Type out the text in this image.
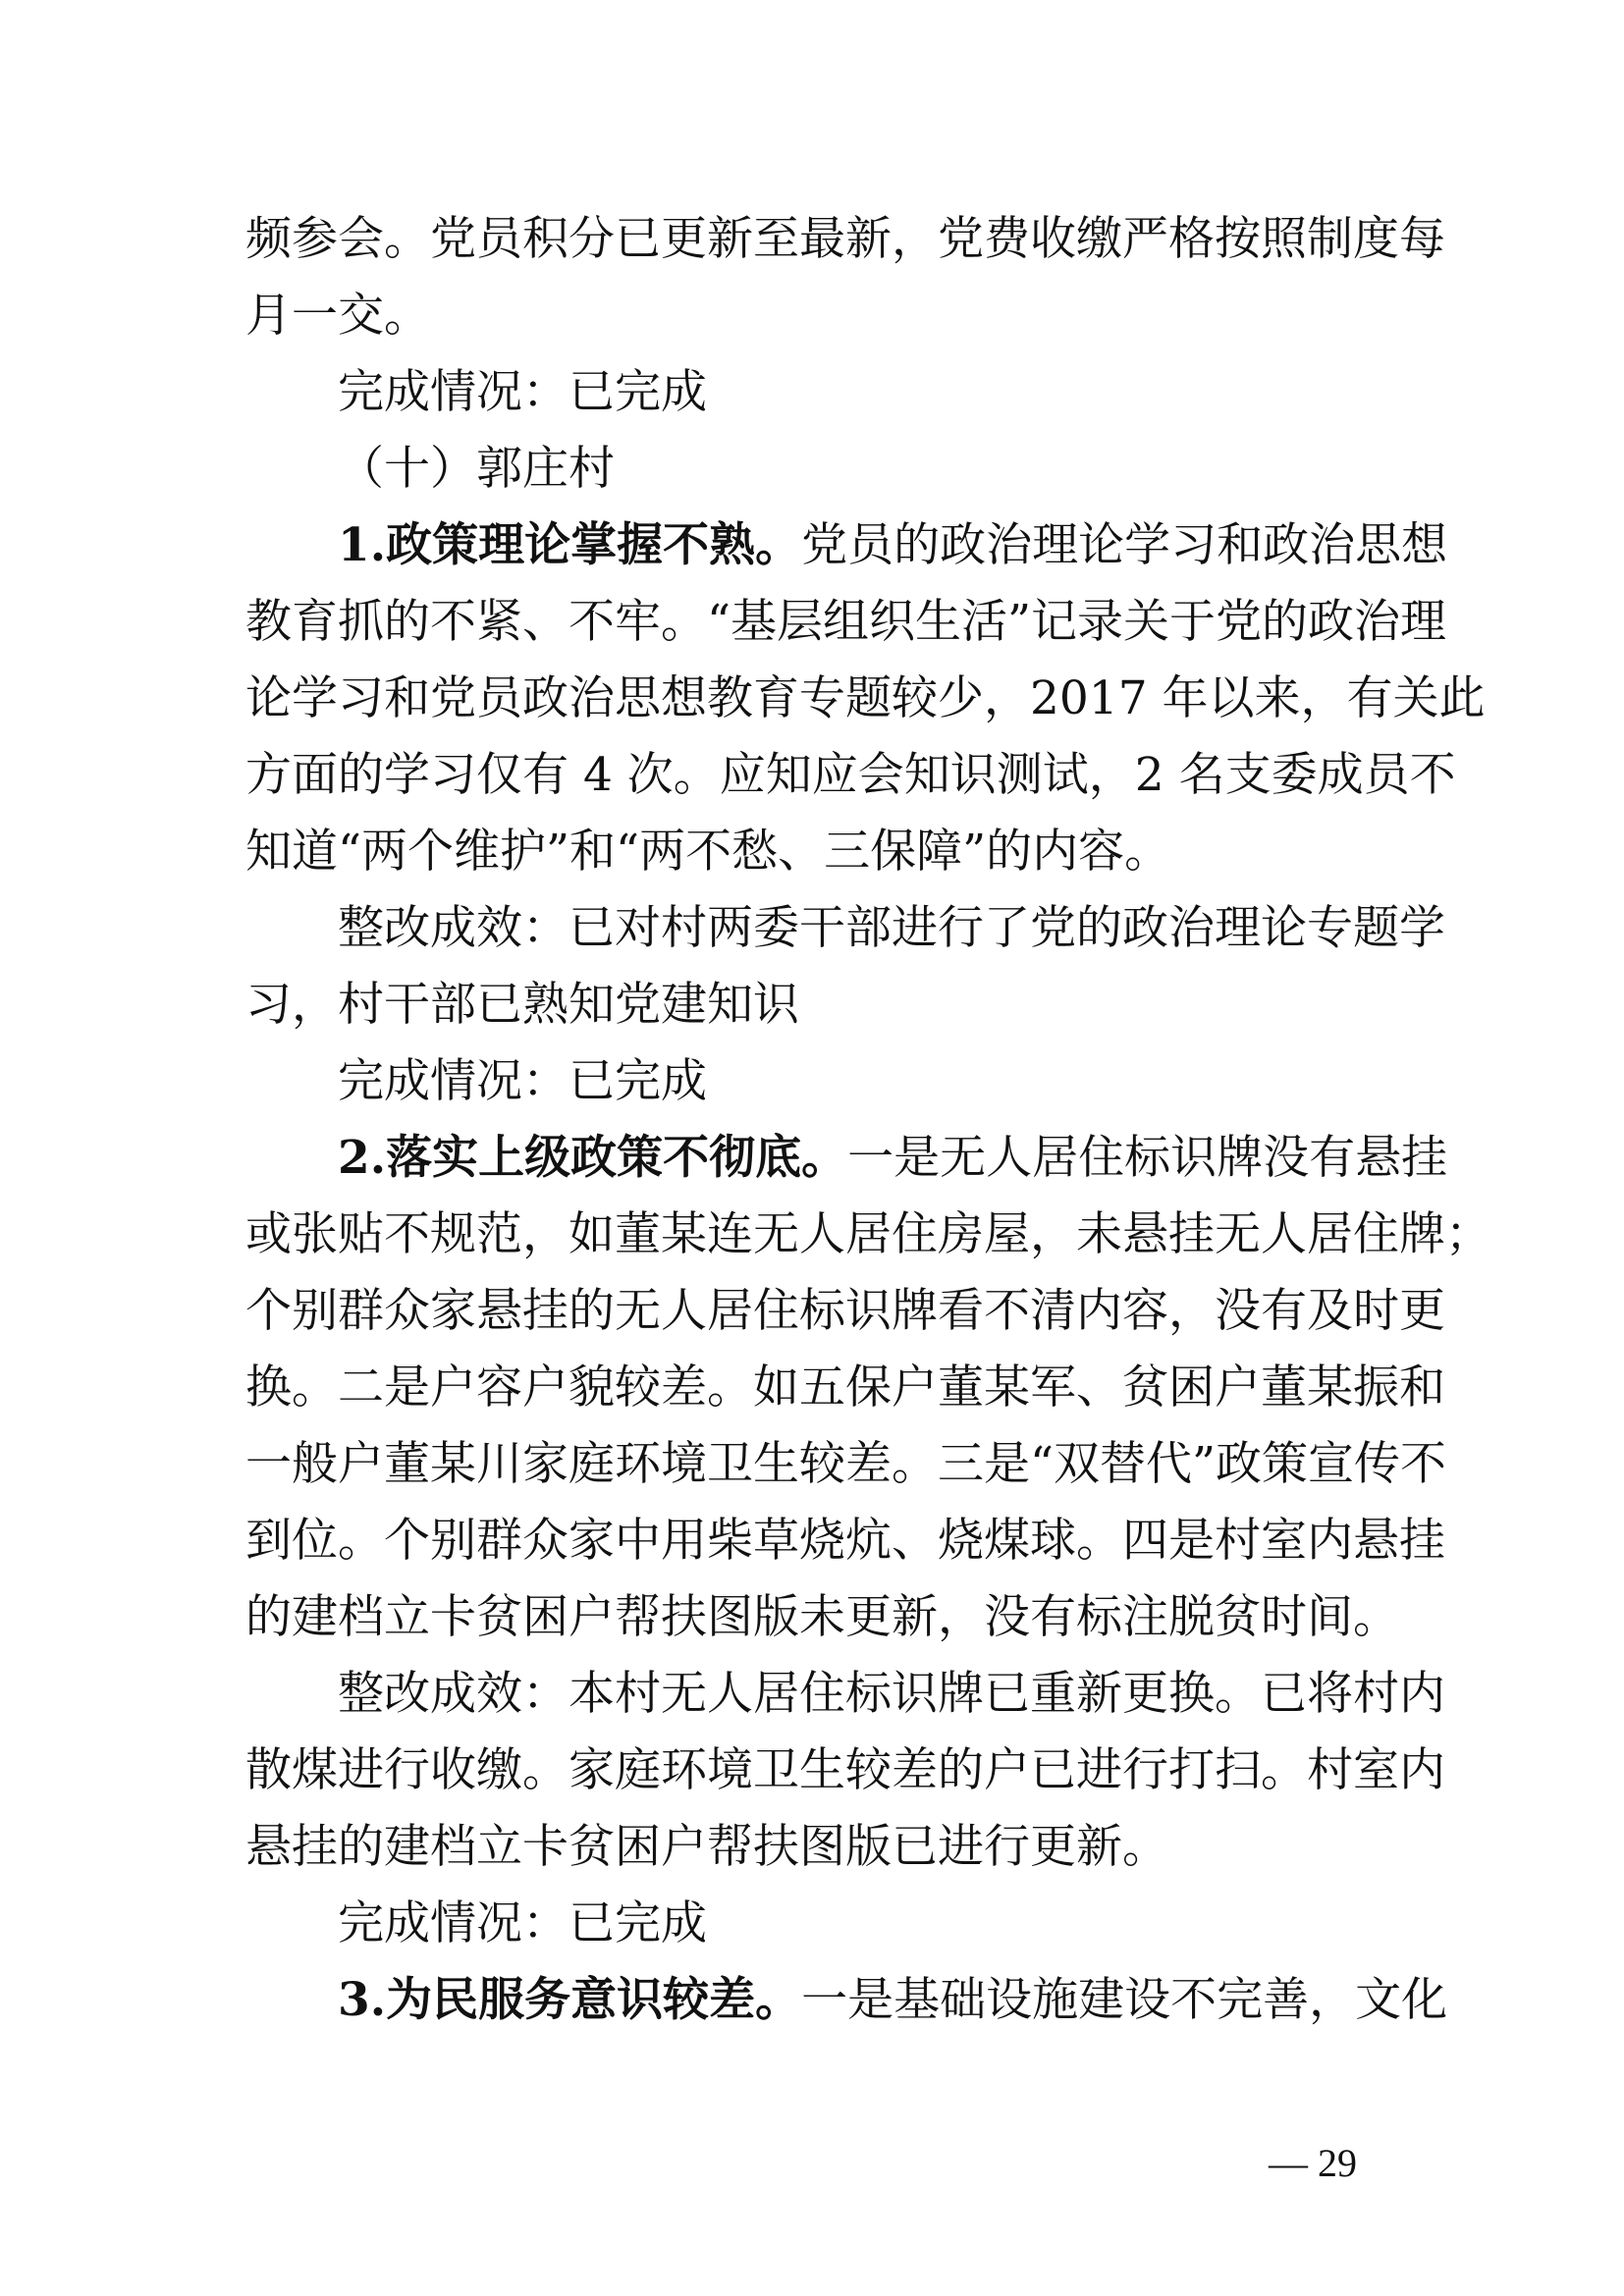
频参会。党员积分已更新至最新，党费收缴严格按照制度每
月一交。
完成情况：已完成
（十）郭庄村
1.政策理论掌握不熟。党员的政治理论学习和政治思想
教育抓的不紧、不牢。“基层组织生活”记录关于党的政治理
论学习和党员政治思想教育专题较少，2017 年以来，有关此
方面的学习仅有 4 次。应知应会知识测试，2 名支委成员不
知道“两个维护”和“两不愁、三保障”的内容。
整改成效：已对村两委干部进行了党的政治理论专题学
习，村干部已熟知党建知识
完成情况：已完成
2.落实上级政策不彻底。一是无人居住标识牌没有悬挂
或张贴不规范，如董某连无人居住房屋，未悬挂无人居住牌；
个别群众家悬挂的无人居住标识牌看不清内容，没有及时更
换。二是户容户貌较差。如五保户董某军、贫困户董某振和
一般户董某川家庭环境卫生较差。三是“双替代”政策宣传不
到位。个别群众家中用柴草烧炕、烧煤球。四是村室内悬挂
的建档立卡贫困户帮扶图版未更新，没有标注脱贫时间。
整改成效：本村无人居住标识牌已重新更换。已将村内
散煤进行收缴。家庭环境卫生较差的户已进行打扫。村室内
悬挂的建档立卡贫困户帮扶图版已进行更新。
完成情况：已完成
3.为民服务意识较差。一是基础设施建设不完善，文化
— 29
